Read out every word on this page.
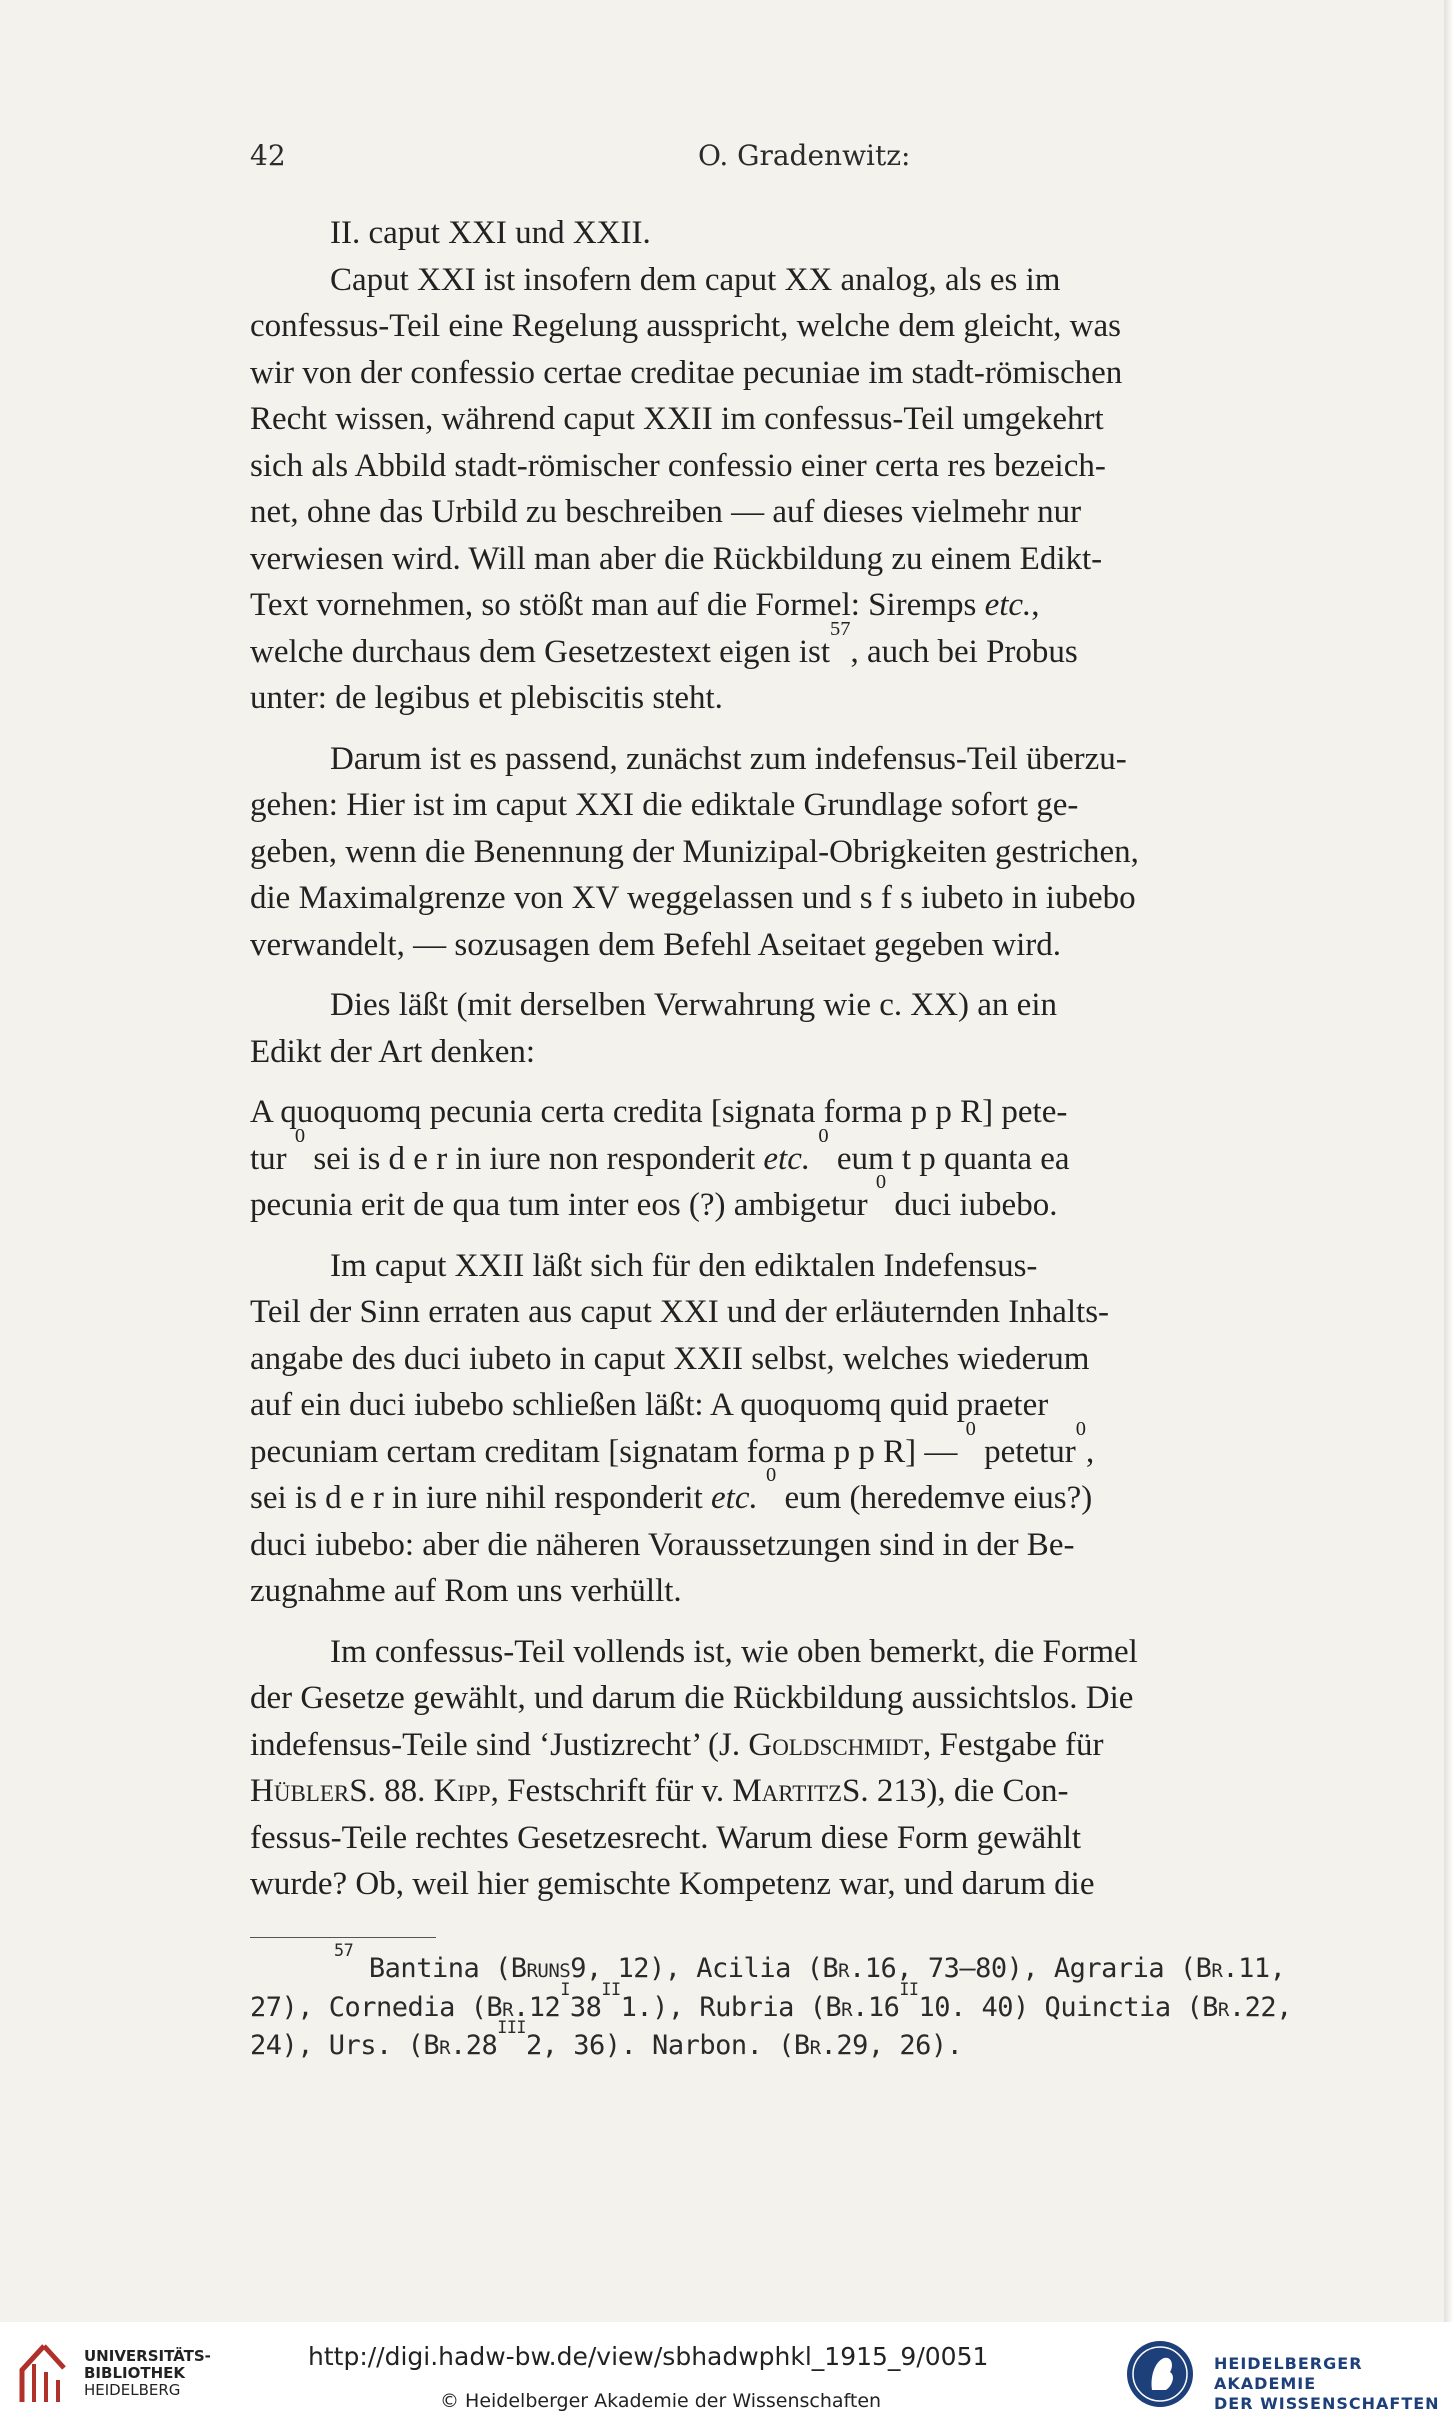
42	O. Gradenwitz:
II. caput XXI und XXII.
Caput XXI ist insofern dem caput XX analog, als es im
confessus-Teil eine Regelung ausspricht, welche dem gleicht, was
wir von der confessio certae creditae pecuniae im stadt-römischen
Recht wissen, während caput XXII im confessus-Teil umgekehrt
sich als Abbild stadt-römischer confessio einer certa res bezeich-
net, ohne das Urbild zu beschreiben — auf dieses vielmehr nur
verwiesen wird. Will man aber die Rückbildung zu einem Edikt-
Text vornehmen, so stößt man auf die Formel: Siremps
etc. ,
welche durchaus dem Gesetzestext eigen ist
57
, auch bei Probus
unter: de legibus et plebiscitis steht.
Darum ist es passend, zunächst zum indefensus-Teil überzu-
gehen: Hier ist im caput XXI die ediktale Grundlage sofort ge-
geben, wenn die Benennung der Munizipal-Obrigkeiten gestrichen,
die Maximalgrenze von XV weggelassen und s f s iubeto in iubebo
verwandelt, — sozusagen dem Befehl Aseitaet gegeben wird.
Dies läßt (mit derselben Verwahrung wie c. XX) an ein
Edikt der Art denken:
A quoquomq pecunia certa credita [signata forma p p R] pete-
tur

0

sei is d e r in iure non responderit
etc.

0

eum t p quanta ea
pecunia erit de qua tum inter eos (?) ambigetur

0

duci iubebo.
Im caput XXII läßt sich für den ediktalen Indefensus-
Teil der Sinn erraten aus caput XXI und der erläuternden Inhalts-
angabe des duci iubeto in caput XXII selbst, welches wiederum
auf ein duci iubebo schließen läßt: A quoquomq quid praeter
pecuniam certam creditam [signatam forma p p R] —

0

petetur
0
,
sei is d e r in iure nihil responderit
etc.

0

eum (heredemve eius?)
duci iubebo: aber die näheren Voraussetzungen sind in der Be-
zugnahme auf Rom uns verhüllt.
Im confessus-Teil vollends ist, wie oben bemerkt, die Formel
der Gesetze gewählt, und darum die Rückbildung aussichtslos. Die
indefensus-Teile sind ‘Justizrecht’ (J.
Goldschmidt , Festgabe für
Hübler S. 88.
Kipp , Festschrift für v.
Martitz S. 213), die Con-
fessus-Teile rechtes Gesetzesrecht. Warum diese Form gewählt
wurde? Ob, weil hier gemischte Kompetenz war, und darum die
57

Bantina ( Bruns 9, 12), Acilia ( Br. 16, 73—80), Agraria ( Br. 11,
27), Cornedia ( Br. 12
I
38
II
1.), Rubria ( Br. 16
II
10. 40) Quinctia ( Br. 22,
24), Urs. ( Br. 28
III
2, 36). Narbon. ( Br. 29, 26).
UNIVERSITÄTS-
BIBLIOTHEK
HEIDELBERG
http://digi.hadw-bw.de/view/sbhadwphkl_1915_9/0051
© Heidelberger Akademie der Wissenschaften
HEIDELBERGER AKADEMIE
DER WISSENSCHAFTEN
